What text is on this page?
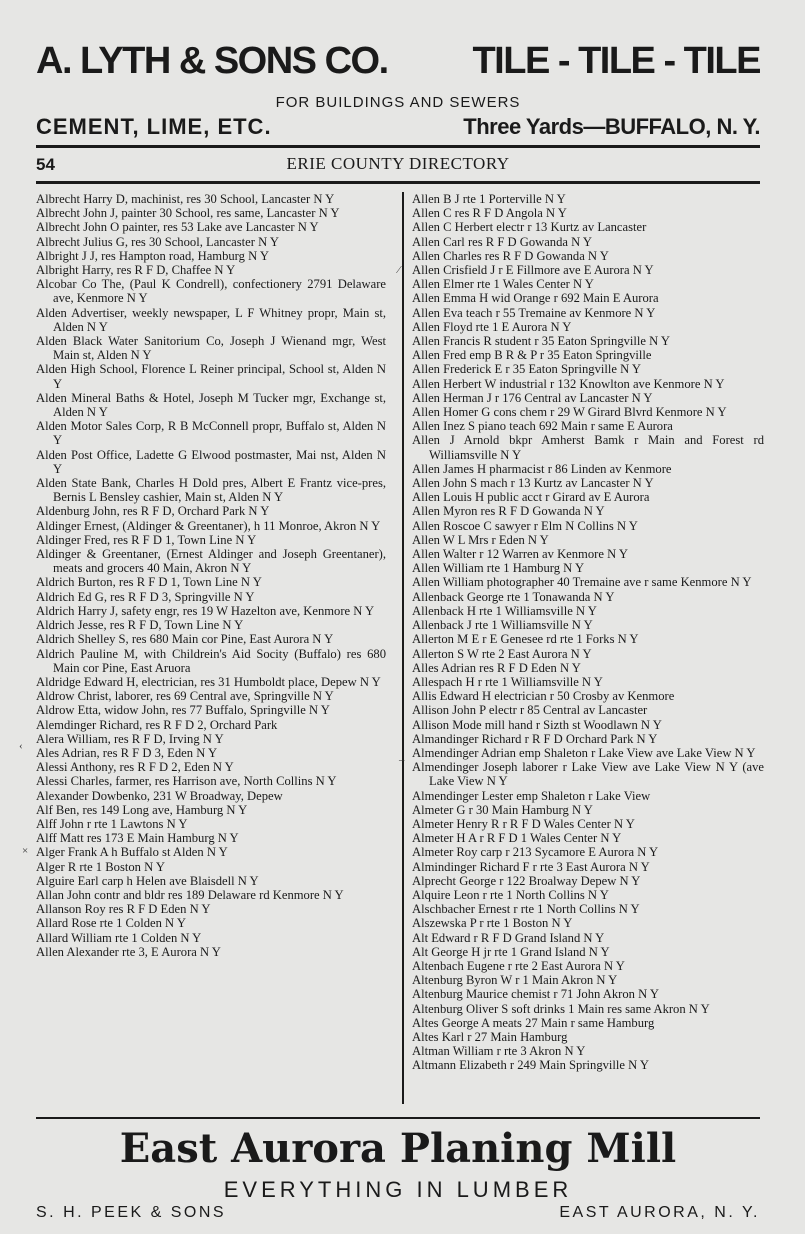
A. LYTH & SONS CO. TILE - TILE - TILE
FOR BUILDINGS AND SEWERS
CEMENT, LIME, ETC.	Three Yards—BUFFALO, N. Y.
54	ERIE COUNTY DIRECTORY
Albrecht Harry D, machinist, res 30 School, Lancaster N Y
Albrecht John J, painter 30 School, res same, Lancaster N Y
Albrecht John O painter, res 53 Lake ave Lancaster N Y
Albrecht Julius G, res 30 School, Lancaster N Y
Albright J J, res Hampton road, Hamburg N Y
Albright Harry, res R F D, Chaffee N Y
Alcobar Co The, (Paul K Condrell), confectionery 2791 Delaware ave, Kenmore N Y
Alden Advertiser, weekly newspaper, L F Whitney propr, Main st, Alden N Y
Alden Black Water Sanitorium Co, Joseph J Wienand mgr, West Main st, Alden N Y
Alden High School, Florence L Reiner principal, School st, Alden N Y
Alden Mineral Baths & Hotel, Joseph M Tucker mgr, Exchange st, Alden N Y
Alden Motor Sales Corp, R B McConnell propr, Buffalo st, Alden N Y
Alden Post Office, Ladette G Elwood postmaster, Mai nst, Alden N Y
Alden State Bank, Charles H Dold pres, Albert E Frantz vice-pres, Bernis L Bensley cashier, Main st, Alden N Y
Aldenburg John, res R F D, Orchard Park N Y
Aldinger Ernest, (Aldinger & Greentaner), h 11 Monroe, Akron N Y
Aldinger Fred, res R F D 1, Town Line N Y
Aldinger & Greentaner, (Ernest Aldinger and Joseph Greentaner), meats and grocers 40 Main, Akron N Y
Aldrich Burton, res R F D 1, Town Line N Y
Aldrich Ed G, res R F D 3, Springville N Y
Aldrich Harry J, safety engr, res 19 W Hazelton ave, Kenmore N Y
Aldrich Jesse, res R F D, Town Line N Y
Aldrich Shelley S, res 680 Main cor Pine, East Aurora N Y
Aldrich Pauline M, with Childrein's Aid Socity (Buffalo) res 680 Main cor Pine, East Aruora
Aldridge Edward H, electrician, res 31 Humboldt place, Depew N Y
Aldrow Christ, laborer, res 69 Central ave, Springville N Y
Aldrow Etta, widow John, res 77 Buffalo, Springville N Y
Alemdinger Richard, res R F D 2, Orchard Park
Alera William, res R F D, Irving N Y
Ales Adrian, res R F D 3, Eden N Y
Alessi Anthony, res R F D 2, Eden N Y
Alessi Charles, farmer, res Harrison ave, North Collins N Y
Alexander Dowbenko, 231 W Broadway, Depew
Alf Ben, res 149 Long ave, Hamburg N Y
Alff John r rte 1 Lawtons N Y
Alff Matt res 173 E Main Hamburg N Y
Alger Frank A h Buffalo st Alden N Y
Alger R rte 1 Boston N Y
Alguire Earl carp h Helen ave Blaisdell N Y
Allan John contr and bldr res 189 Delaware rd Kenmore N Y
Allanson Roy res R F D Eden N Y
Allard Rose rte 1 Colden N Y
Allard William rte 1 Colden N Y
Allen Alexander rte 3, E Aurora N Y
Allen B J rte 1 Porterville N Y
Allen C res R F D Angola N Y
Allen C Herbert electr r 13 Kurtz av Lancaster
Allen Carl res R F D Gowanda N Y
Allen Charles res R F D Gowanda N Y
Allen Crisfield J r E Fillmore ave E Aurora N Y
Allen Elmer rte 1 Wales Center N Y
Allen Emma H wid Orange r 692 Main E Aurora
Allen Eva teach r 55 Tremaine av Kenmore N Y
Allen Floyd rte 1 E Aurora N Y
Allen Francis R student r 35 Eaton Springville N Y
Allen Fred emp B R & P r 35 Eaton Springville
Allen Frederick E r 35 Eaton Springville N Y
Allen Herbert W industrial r 132 Knowlton ave Kenmore N Y
Allen Herman J r 176 Central av Lancaster N Y
Allen Homer G cons chem r 29 W Girard Blvrd Kenmore N Y
Allen Inez S piano teach 692 Main r same E Aurora
Allen J Arnold bkpr Amherst Bamk r Main and Forest rd Williamsville N Y
Allen James H pharmacist r 86 Linden av Kenmore
Allen John S mach r 13 Kurtz av Lancaster N Y
Allen Louis H public acct r Girard av E Aurora
Allen Myron res R F D Gowanda N Y
Allen Roscoe C sawyer r Elm N Collins N Y
Allen W L Mrs r Eden N Y
Allen Walter r 12 Warren av Kenmore N Y
Allen William rte 1 Hamburg N Y
Allen William photographer 40 Tremaine ave r same Kenmore N Y
Allenback George rte 1 Tonawanda N Y
Allenback H rte 1 Williamsville N Y
Allenback J rte 1 Williamsville N Y
Allerton M E r E Genesee rd rte 1 Forks N Y
Allerton S W rte 2 East Aurora N Y
Alles Adrian res R F D Eden N Y
Allespach H r rte 1 Williamsville N Y
Allis Edward H electrician r 50 Crosby av Kenmore
Allison John P electr r 85 Central av Lancaster
Allison Mode mill hand r Sizth st Woodlawn N Y
Almandinger Richard r R F D Orchard Park N Y
Almendinger Adrian emp Shaleton r Lake View ave Lake View N Y
Almendinger Joseph laborer r Lake View ave Lake View N Y (ave Lake View N Y
Almendinger Lester emp Shaleton r Lake View
Almeter G r 30 Main Hamburg N Y
Almeter Henry R r R F D Wales Center N Y
Almeter H A r R F D 1 Wales Center N Y
Almeter Roy carp r 213 Sycamore E Aurora N Y
Almindinger Richard F r rte 3 East Aurora N Y
Alprecht George r 122 Broalway Depew N Y
Alquire Leon r rte 1 North Collins N Y
Alschbacher Ernest r rte 1 North Collins N Y
Alszewska P r rte 1 Boston N Y
Alt Edward r R F D Grand Island N Y
Alt George H jr rte 1 Grand Island N Y
Altenbach Eugene r rte 2 East Aurora N Y
Altenburg Byron W r 1 Main Akron N Y
Altenburg Maurice chemist r 71 John Akron N Y
Altenburg Oliver S soft drinks 1 Main res same Akron N Y
Altes George A meats 27 Main r same Hamburg
Altes Karl r 27 Main Hamburg
Altman William r rte 3 Akron N Y
Altmann Elizabeth r 249 Main Springville N Y
‹
×
⁄
‒
East Aurora Planing Mill
EVERYTHING IN LUMBER
S. H. PEEK & SONS	EAST AURORA, N. Y.
